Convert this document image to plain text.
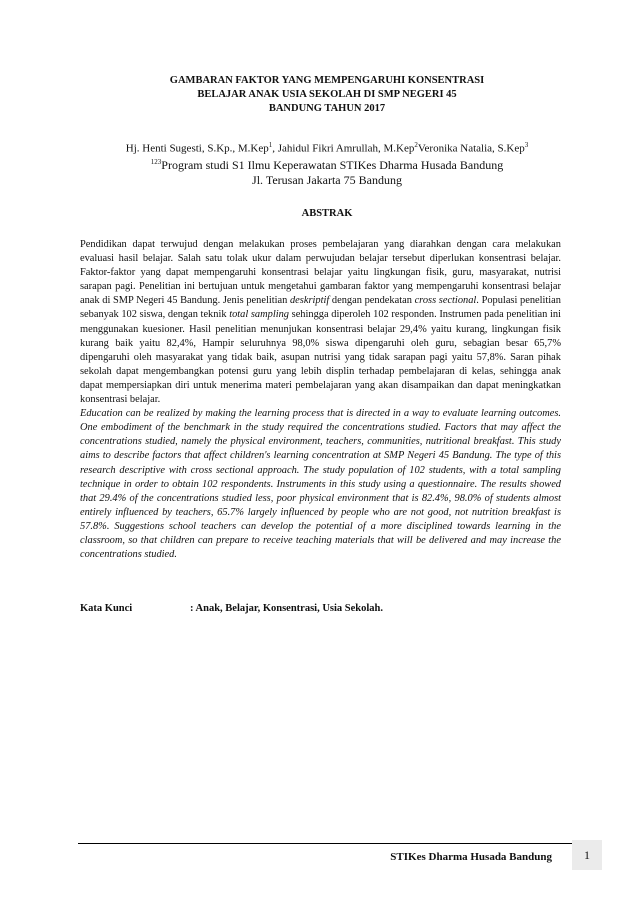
GAMBARAN FAKTOR YANG MEMPENGARUHI KONSENTRASI
BELAJAR ANAK USIA SEKOLAH DI SMP NEGERI 45
BANDUNG TAHUN 2017
Hj. Henti Sugesti, S.Kp., M.Kep$^1$, Jahidul Fikri Amrullah, M.Kep$^2$Veronika Natalia, S.Kep$^3$
$^{123}$Program studi S1 Ilmu Keperawatan STIKes Dharma Husada Bandung
Jl. Terusan Jakarta 75 Bandung
ABSTRAK

Pendidikan dapat terwujud dengan melakukan proses pembelajaran yang diarahkan dengan cara melakukan evaluasi hasil belajar. Salah satu tolak ukur dalam perwujudan belajar tersebut diperlukan konsentrasi belajar. Faktor-faktor yang dapat mempengaruhi konsentrasi belajar yaitu lingkungan fisik, guru, masyarakat, nutrisi sarapan pagi. Penelitian ini bertujuan untuk mengetahui gambaran faktor yang mempengaruhi konsentrasi belajar anak di SMP Negeri 45 Bandung. Jenis penelitian deskriptif dengan pendekatan cross sectional. Populasi penelitian sebanyak 102 siswa, dengan teknik total sampling sehingga diperoleh 102 responden. Instrumen pada penelitian ini menggunakan kuesioner. Hasil penelitian menunjukan konsentrasi belajar 29,4% yaitu kurang, lingkungan fisik kurang baik yaitu 82,4%, Hampir seluruhnya 98,0% siswa dipengaruhi oleh guru, sebagian besar 65,7% dipengaruhi oleh masyarakat yang tidak baik, asupan nutrisi yang tidak sarapan pagi yaitu 57,8%. Saran pihak sekolah dapat mengembangkan potensi guru yang lebih displin terhadap pembelajaran di kelas, sehingga anak dapat mempersiapkan diri untuk menerima materi pembelajaran yang akan disampaikan dan dapat meningkatkan konsentrasi belajar.

Education can be realized by making the learning process that is directed in a way to evaluate learning outcomes. One embodiment of the benchmark in the study required the concentrations studied. Factors that may affect the concentrations studied, namely the physical environment, teachers, communities, nutritional breakfast. This study aims to describe factors that affect children's learning concentration at SMP Negeri 45 Bandung. The type of this research descriptive with cross sectional approach. The study population of 102 students, with a total sampling technique in order to obtain 102 respondents. Instruments in this study using a questionnaire. The results showed that 29.4% of the concentrations studied less, poor physical environment that is 82.4%, 98.0% of students almost entirely influenced by teachers, 65.7% largely influenced by people who are not good, not nutrition breakfast is 57.8%. Suggestions school teachers can develop the potential of a more disciplined towards learning in the classroom, so that children can prepare to receive teaching materials that will be delivered and may increase the concentrations studied.

Kata Kunci	: Anak, Belajar, Konsentrasi, Usia Sekolah.
STIKes Dharma Husada Bandung	1
